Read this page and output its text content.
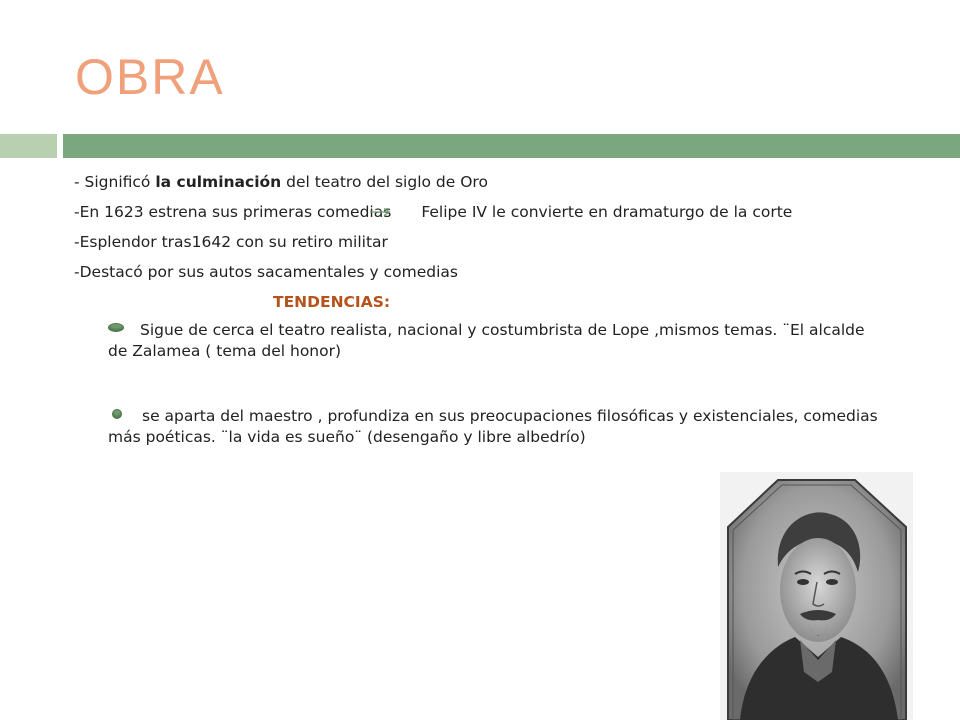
OBRA

- Significó la culminación del teatro del siglo de Oro

-En 1623 estrena sus primeras comedias Felipe IV le convierte en dramaturgo de la corte

-Esplendor tras1642 con su retiro militar

-Destacó por sus autos sacamentales y comedias

TENDENCIAS:

Sigue de cerca el teatro realista, nacional y costumbrista de Lope ,mismos temas. ¨El alcalde de Zalamea ( tema del honor)

se aparta del maestro , profundiza en sus preocupaciones filosóficas y existenciales, comedias más poéticas. ¨la vida es sueño¨ (desengaño y libre albedrío)
